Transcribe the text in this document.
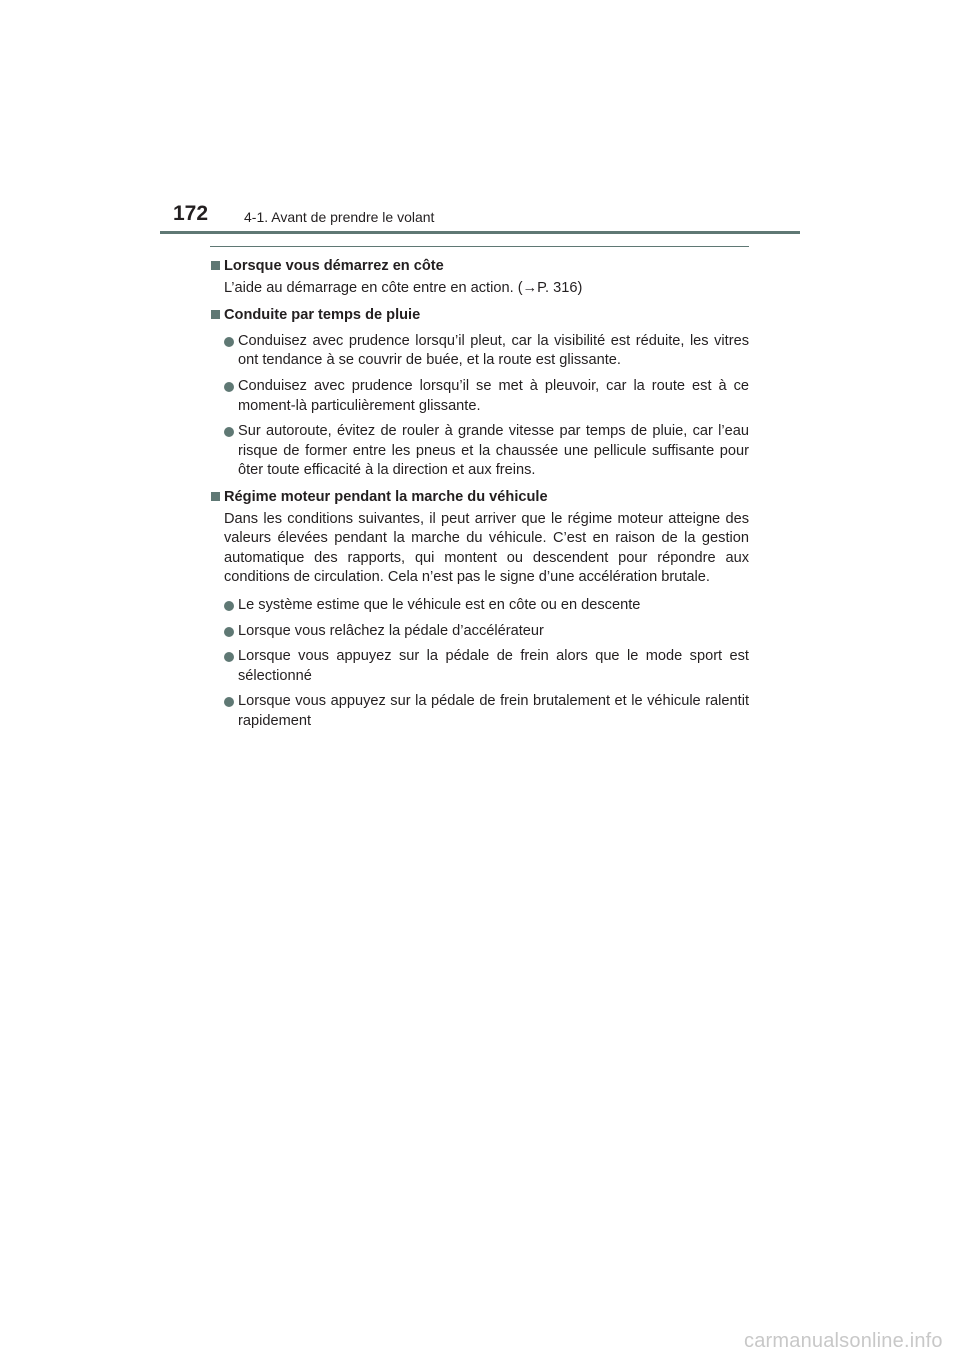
172	4-1. Avant de prendre le volant
Lorsque vous démarrez en côte
L’aide au démarrage en côte entre en action. (→P. 316)
Conduite par temps de pluie
Conduisez avec prudence lorsqu’il pleut, car la visibilité est réduite, les vitres ont tendance à se couvrir de buée, et la route est glissante.
Conduisez avec prudence lorsqu’il se met à pleuvoir, car la route est à ce moment-là particulièrement glissante.
Sur autoroute, évitez de rouler à grande vitesse par temps de pluie, car l’eau risque de former entre les pneus et la chaussée une pellicule suffisante pour ôter toute efficacité à la direction et aux freins.
Régime moteur pendant la marche du véhicule
Dans les conditions suivantes, il peut arriver que le régime moteur atteigne des valeurs élevées pendant la marche du véhicule. C’est en raison de la gestion automatique des rapports, qui montent ou descendent pour répondre aux conditions de circulation. Cela n’est pas le signe d’une accélération brutale.
Le système estime que le véhicule est en côte ou en descente
Lorsque vous relâchez la pédale d’accélérateur
Lorsque vous appuyez sur la pédale de frein alors que le mode sport est sélectionné
Lorsque vous appuyez sur la pédale de frein brutalement et le véhicule ralentit rapidement
carmanualsonline.info
